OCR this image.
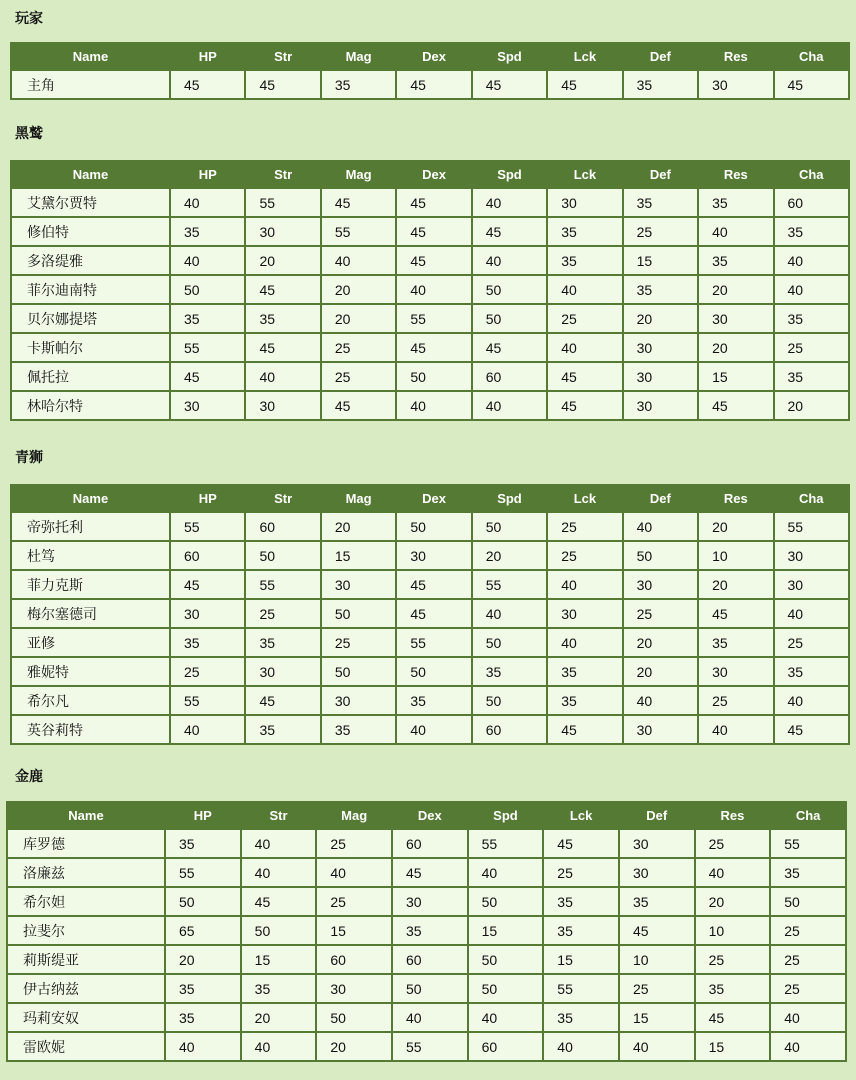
玩家
Name	HP	Str	Mag	Dex	Spd	Lck	Def	Res	Cha
主角	45	45	35	45	45	45	35	30	45
黑鹫
Name	HP	Str	Mag	Dex	Spd	Lck	Def	Res	Cha
艾黛尔贾特	40	55	45	45	40	30	35	35	60
修伯特	35	30	55	45	45	35	25	40	35
多洛缇雅	40	20	40	45	40	35	15	35	40
菲尔迪南特	50	45	20	40	50	40	35	20	40
贝尔娜提塔	35	35	20	55	50	25	20	30	35
卡斯帕尔	55	45	25	45	45	40	30	20	25
佩托拉	45	40	25	50	60	45	30	15	35
林哈尔特	30	30	45	40	40	45	30	45	20
青狮
Name	HP	Str	Mag	Dex	Spd	Lck	Def	Res	Cha
帝弥托利	55	60	20	50	50	25	40	20	55
杜笃	60	50	15	30	20	25	50	10	30
菲力克斯	45	55	30	45	55	40	30	20	30
梅尔塞德司	30	25	50	45	40	30	25	45	40
亚修	35	35	25	55	50	40	20	35	25
雅妮特	25	30	50	50	35	35	20	30	35
希尔凡	55	45	30	35	50	35	40	25	40
英谷莉特	40	35	35	40	60	45	30	40	45
金鹿
Name	HP	Str	Mag	Dex	Spd	Lck	Def	Res	Cha
库罗德	35	40	25	60	55	45	30	25	55
洛廉兹	55	40	40	45	40	25	30	40	35
希尔妲	50	45	25	30	50	35	35	20	50
拉斐尔	65	50	15	35	15	35	45	10	25
莉斯缇亚	20	15	60	60	50	15	10	25	25
伊古纳兹	35	35	30	50	50	55	25	35	25
玛莉安奴	35	20	50	40	40	35	15	45	40
雷欧妮	40	40	20	55	60	40	40	15	40
